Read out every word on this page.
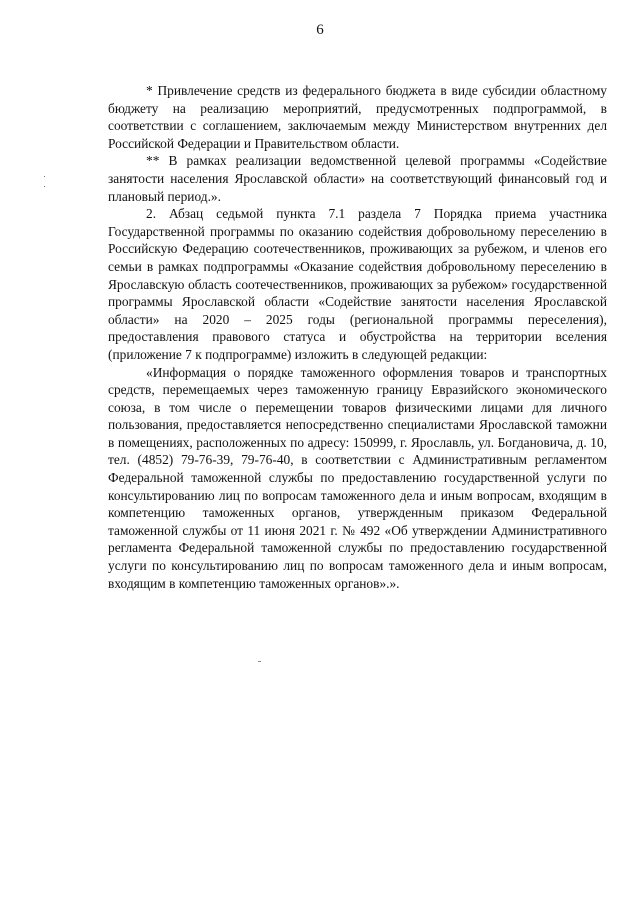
6

* Привлечение средств из федерального бюджета в виде субсидии областному бюджету на реализацию мероприятий, предусмотренных подпрограммой, в соответствии с соглашением, заключаемым между Министерством внутренних дел Российской Федерации и Правительством области.

** В рамках реализации ведомственной целевой программы «Содействие занятости населения Ярославской области» на соответствующий финансовый год и плановый период.».

2. Абзац седьмой пункта 7.1 раздела 7 Порядка приема участника Государственной программы по оказанию содействия добровольному переселению в Российскую Федерацию соотечественников, проживающих за рубежом, и членов его семьи в рамках подпрограммы «Оказание содействия добровольному переселению в Ярославскую область соотечественников, проживающих за рубежом» государственной программы Ярославской области «Содействие занятости населения Ярославской области» на 2020 – 2025 годы (региональной программы переселения), предоставления правового статуса и обустройства на территории вселения (приложение 7 к подпрограмме) изложить в следующей редакции:

«Информация о порядке таможенного оформления товаров и транспортных средств, перемещаемых через таможенную границу Евразийского экономического союза, в том числе о перемещении товаров физическими лицами для личного пользования, предоставляется непосредственно специалистами Ярославской таможни в помещениях, расположенных по адресу: 150999, г. Ярославль, ул. Богдановича, д. 10, тел. (4852) 79-76-39, 79-76-40, в соответствии с Административным регламентом Федеральной таможенной службы по предоставлению государственной услуги по консультированию лиц по вопросам таможенного дела и иным вопросам, входящим в компетенцию таможенных органов, утвержденным приказом Федеральной таможенной службы от 11 июня 2021 г. № 492 «Об утверждении Административного регламента Федеральной таможенной службы по предоставлению государственной услуги по консультированию лиц по вопросам таможенного дела и иным вопросам, входящим в компетенцию таможенных органов».».
